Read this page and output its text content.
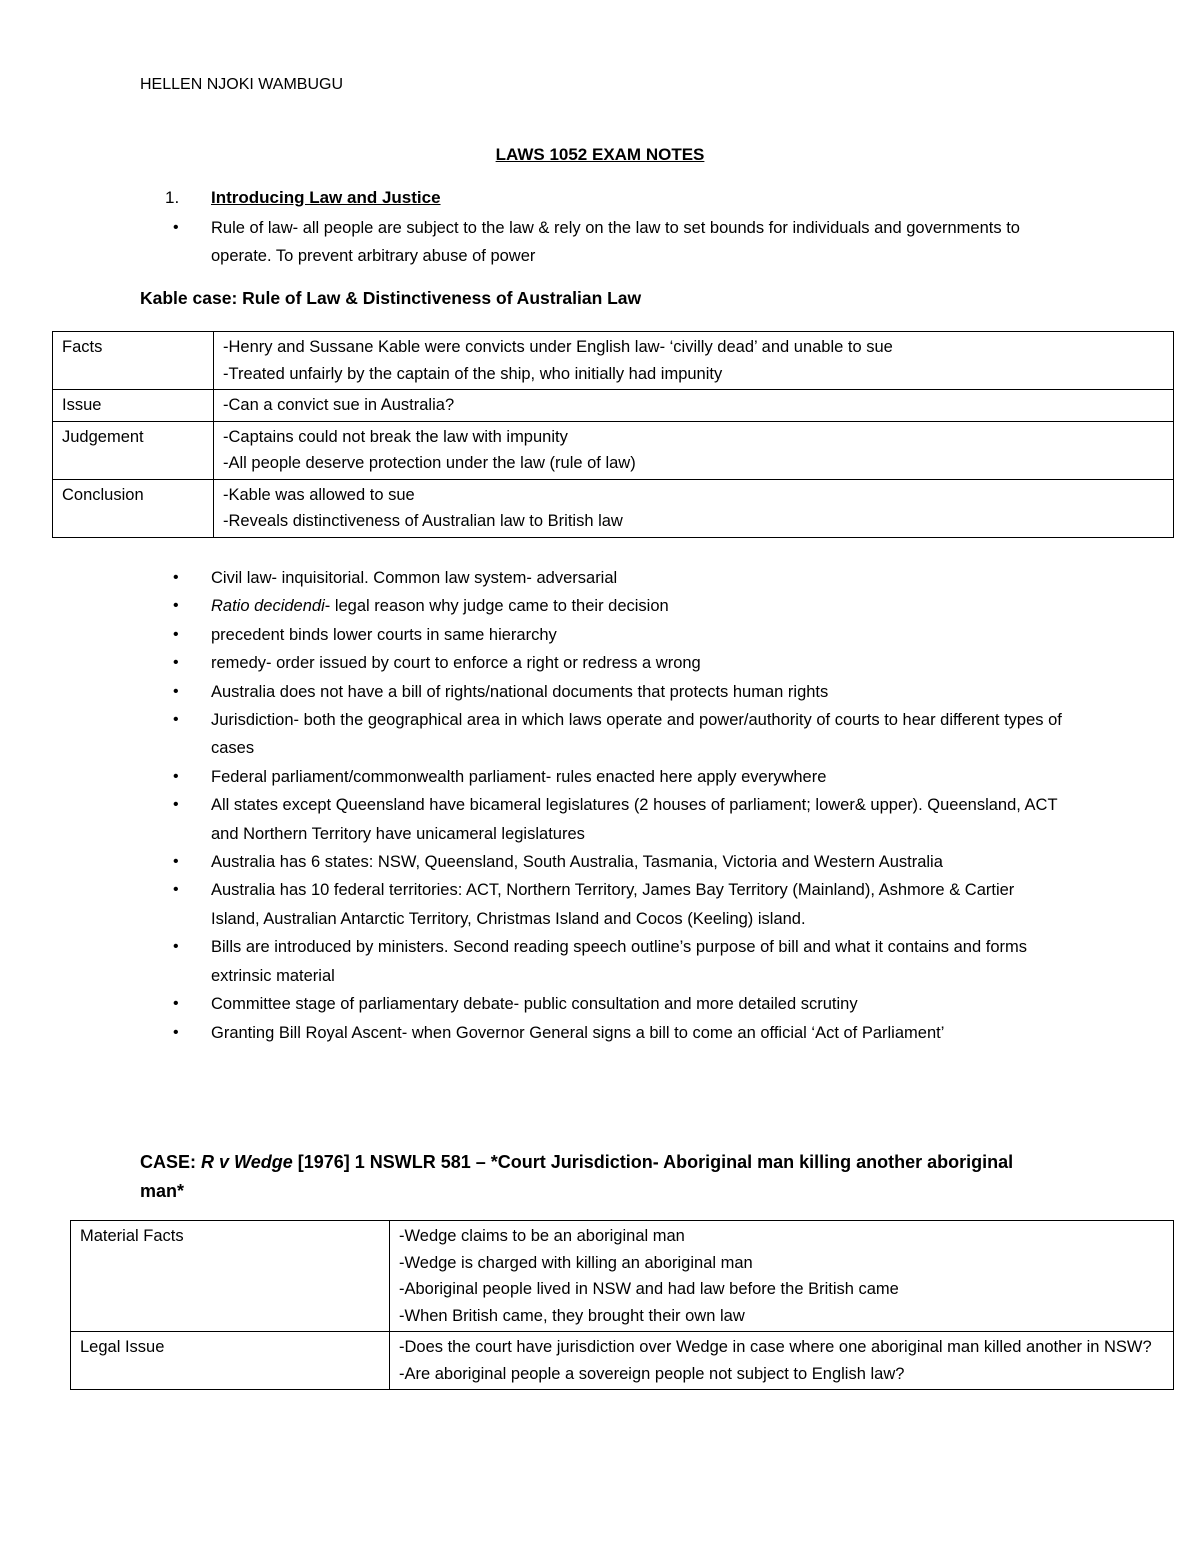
HELLEN NJOKI WAMBUGU
LAWS 1052 EXAM NOTES
1. Introducing Law and Justice
• Rule of law- all people are subject to the law & rely on the law to set bounds for individuals and governments to operate. To prevent arbitrary abuse of power
Kable case: Rule of Law & Distinctiveness of Australian Law
Facts	-Henry and Sussane Kable were convicts under English law- ‘civilly dead’ and unable to sue
-Treated unfairly by the captain of the ship, who initially had impunity

Issue	-Can a convict sue in Australia?

Judgement	-Captains could not break the law with impunity
-All people deserve protection under the law (rule of law)

Conclusion	-Kable was allowed to sue
-Reveals distinctiveness of Australian law to British law
• Civil law- inquisitorial. Common law system- adversarial
• Ratio decidendi- legal reason why judge came to their decision
• precedent binds lower courts in same hierarchy
• remedy- order issued by court to enforce a right or redress a wrong
• Australia does not have a bill of rights/national documents that protects human rights
• Jurisdiction- both the geographical area in which laws operate and power/authority of courts to hear different types of cases
• Federal parliament/commonwealth parliament- rules enacted here apply everywhere
• All states except Queensland have bicameral legislatures (2 houses of parliament; lower& upper). Queensland, ACT and Northern Territory have unicameral legislatures
• Australia has 6 states: NSW, Queensland, South Australia, Tasmania, Victoria and Western Australia
• Australia has 10 federal territories: ACT, Northern Territory, James Bay Territory (Mainland), Ashmore & Cartier Island, Australian Antarctic Territory, Christmas Island and Cocos (Keeling) island.
• Bills are introduced by ministers. Second reading speech outline’s purpose of bill and what it contains and forms extrinsic material
• Committee stage of parliamentary debate- public consultation and more detailed scrutiny
• Granting Bill Royal Ascent- when Governor General signs a bill to come an official ‘Act of Parliament’
CASE: R v Wedge [1976] 1 NSWLR 581 – *Court Jurisdiction- Aboriginal man killing another aboriginal man*
Material Facts	-Wedge claims to be an aboriginal man
-Wedge is charged with killing an aboriginal man
-Aboriginal people lived in NSW and had law before the British came
-When British came, they brought their own law

Legal Issue	-Does the court have jurisdiction over Wedge in case where one aboriginal man killed another in NSW?
-Are aboriginal people a sovereign people not subject to English law?
